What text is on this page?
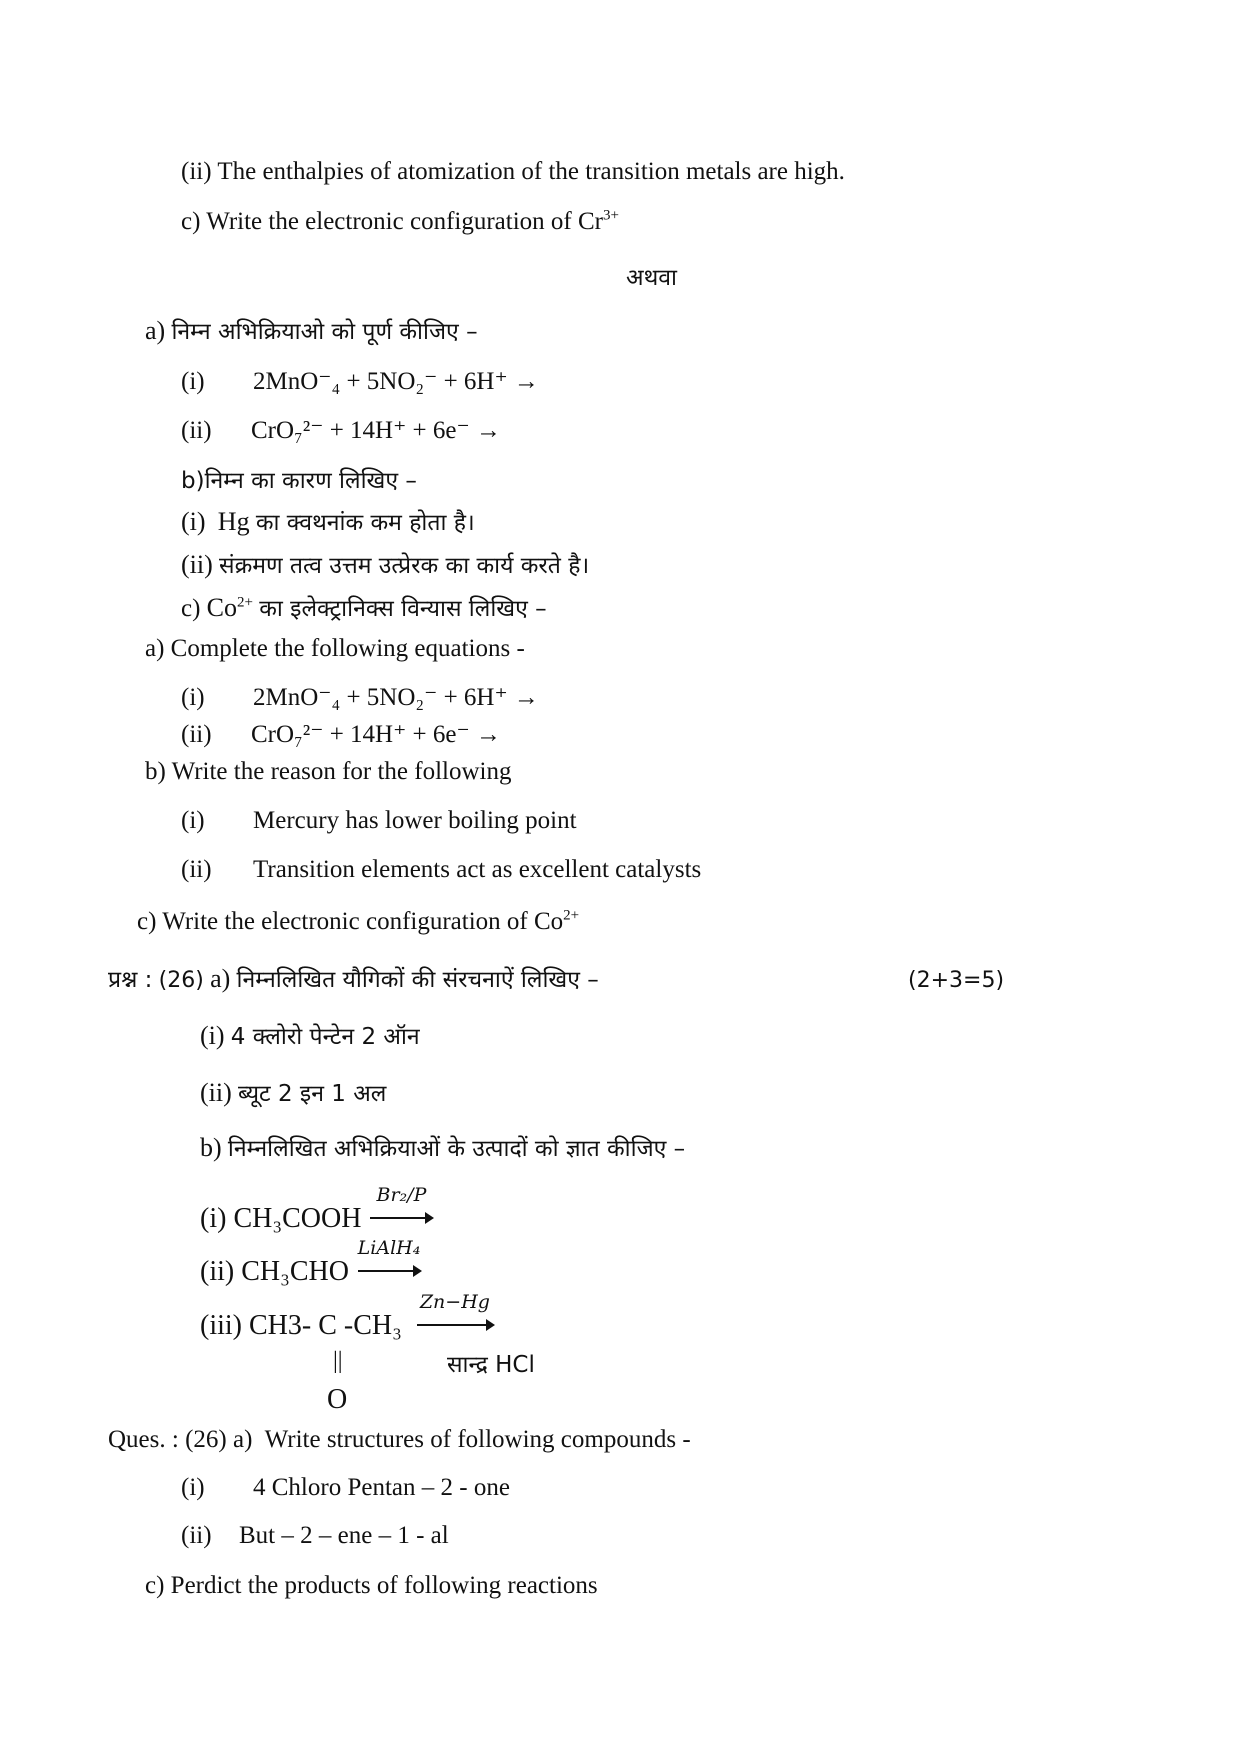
(ii) The enthalpies of atomization of the transition metals are high.
c) Write the electronic configuration of $Cr^{3+}$
अथवा
a) निम्न अभिक्रियाओ को पूर्ण कीजिए –
(i) 2MnO⁻₄ + 5NO₂⁻ + 6H⁺ →
(ii) CrO₇²⁻ + 14H⁺ + 6e⁻ →
b)निम्न का कारण लिखिए –
(i) Hg का क्वथनांक कम होता है।
(ii) संक्रमण तत्व उत्तम उत्प्रेरक का कार्य करते है।
c) $Co^{2+}$ का इलेक्ट्रानिक्स विन्यास लिखिए –
a) Complete the following equations -
(i) 2MnO⁻₄ + 5NO₂⁻ + 6H⁺ →
(ii) CrO₇²⁻ + 14H⁺ + 6e⁻ →
b) Write the reason for the following
(i) Mercury has lower boiling point
(ii) Transition elements act as excellent catalysts
c) Write the electronic configuration of $Co^{2+}$
प्रश्न : (26) a) निम्नलिखित यौगिकों की संरचनाऐं लिखिए –	(2+3=5)
(i) 4 क्लोरो पेन्टेन 2 ऑन
(ii) ब्यूट 2 इन 1 अल
b) निम्नलिखित अभिक्रियाओं के उत्पादों को ज्ञात कीजिए –
(i) CH₃COOH
Br₂/P
(ii) CH₃CHO
LiAlH₄
(iii) CH3- C -CH₃
Zn−Hg
||	सान्द्र HCl
O
Ques. : (26) a) Write structures of following compounds -
(i) 4 Chloro Pentan – 2 - one
(ii) But – 2 – ene – 1 - al
c) Perdict the products of following reactions
